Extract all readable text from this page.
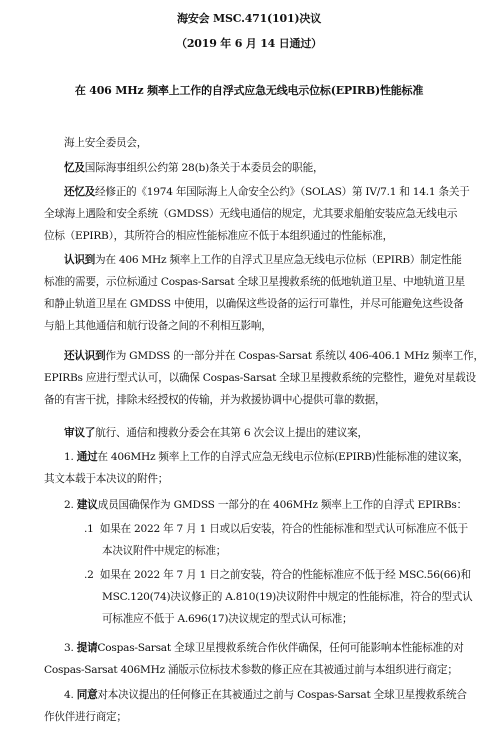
海安会 MSC.471(101)决议
（2019 年 6 月 14 日通过）
在 406 MHz 频率上工作的自浮式应急无线电示位标(EPIRB)性能标准
海上安全委员会，
忆及国际海事组织公约第 28(b)条关于本委员会的职能，
还忆及经修正的《1974 年国际海上人命安全公约》（SOLAS）第 IV/7.1 和 14.1 条关于
全球海上遇险和安全系统（GMDSS）无线电通信的规定，尤其要求船舶安装应急无线电示
位标（EPIRB），其所符合的相应性能标准应不低于本组织通过的性能标准，
认识到为在 406 MHz 频率上工作的自浮式卫星应急无线电示位标（EPIRB）制定性能
标准的需要，示位标通过 Cospas-Sarsat 全球卫星搜救系统的低地轨道卫星、中地轨道卫星
和静止轨道卫星在 GMDSS 中使用，以确保这些设备的运行可靠性，并尽可能避免这些设备
与船上其他通信和航行设备之间的不利相互影响，
还认识到作为 GMDSS 的一部分并在 Cospas-Sarsat 系统以 406-406.1 MHz 频率工作，
EPIRBs 应进行型式认可，以确保 Cospas-Sarsat 全球卫星搜救系统的完整性，避免对星载设
备的有害干扰，排除未经授权的传输，并为救援协调中心提供可靠的数据，
审议了航行、通信和搜救分委会在其第 6 次会议上提出的建议案，
1. 通过在 406MHz 频率上工作的自浮式应急无线电示位标(EPIRB)性能标准的建议案，
其文本载于本决议的附件；
2. 建议成员国确保作为 GMDSS 一部分的在 406MHz 频率上工作的自浮式 EPIRBs：
.1 如果在 2022 年 7 月 1 日或以后安装，符合的性能标准和型式认可标准应不低于
本决议附件中规定的标准；
.2 如果在 2022 年 7 月 1 日之前安装，符合的性能标准应不低于经 MSC.56(66)和
MSC.120(74)决议修正的 A.810(19)决议附件中规定的性能标准，符合的型式认
可标准应不低于 A.696(17)决议规定的型式认可标准；
3. 提请Cospas-Sarsat 全球卫星搜救系统合作伙伴确保，任何可能影响本性能标准的对
Cospas-Sarsat 406MHz 涌版示位标技术参数的修正应在其被通过前与本组织进行商定；
4. 同意对本决议提出的任何修正在其被通过之前与 Cospas-Sarsat 全球卫星搜救系统合
作伙伴进行商定；
